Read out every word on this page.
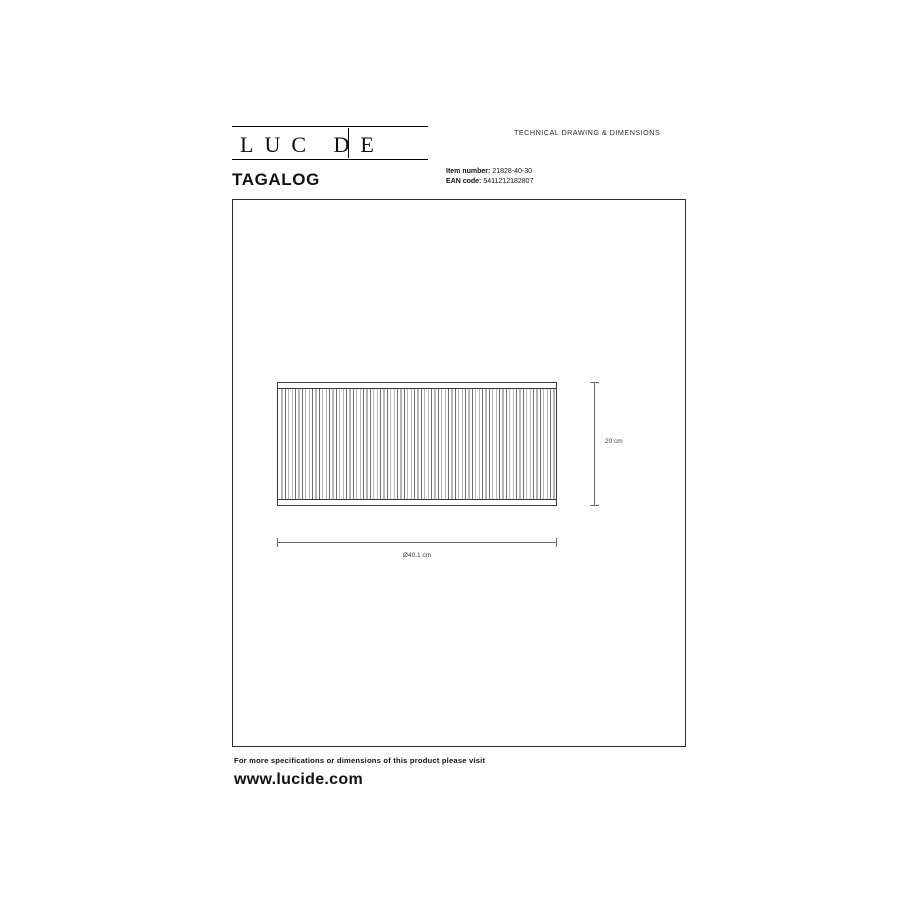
LUC DE	TECHNICAL DRAWING & DIMENSIONS
TAGALOG	Item number: 21828-40-30
EAN code: 5411212182807
20 cm
Ø40.1 cm
For more specifications or dimensions of this product please visit
www.lucide.com
